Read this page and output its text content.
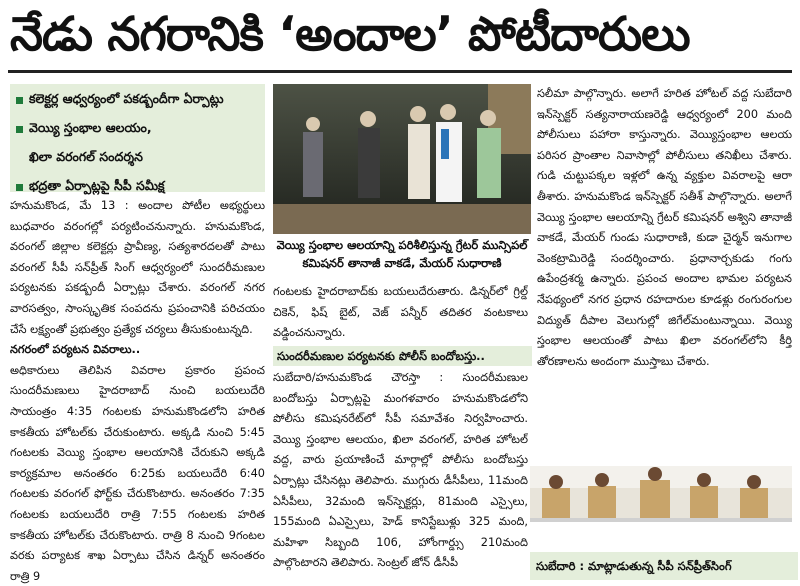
నేడు నగరానికి ‘అందాల’ పోటీదారులు
కలెక్టర్ల ఆధ్వర్యంలో పకడ్బందీగా ఏర్పాట్లు
వెయ్యి స్తంభాల ఆలయం,
ఖిలా వరంగల్ సందర్శన
భద్రతా ఏర్పాట్లపై సీపీ సమీక్ష

హనుమకొండ, మే 13 : అందాల పోటీల అభ్యర్థులు బుధవారం వరంగల్లో పర్యటించనున్నారు. హనుమకొండ, వరంగల్ జిల్లాల కలెక్టర్లు ప్రావీణ్య, సత్యశారదలతో పాటు వరంగల్ సీపీ సన్‌ప్రీత్ సింగ్ ఆధ్వర్యంలో సుందరీమణుల పర్యటనకు పకడ్బందీ ఏర్పాట్లు చేశారు. వరంగల్ నగర వారసత్వం, సాంస్కృతిక సంపదను ప్రపంచానికి పరిచయం చేసే లక్ష్యంతో ప్రభుత్వం ప్రత్యేక చర్యలు తీసుకుంటున్నది.

నగరంలో పర్యటన వివరాలు..

అధికారులు తెలిపిన వివరాల ప్రకారం ప్రపంచ సుందరీమణులు హైదరాబాద్ నుంచి బయలుదేరి సాయంత్రం 4:35 గంటలకు హనుమకొండలోని హరిత కాకతీయ హోటల్‌కు చేరుకుంటారు. అక్కడి నుంచి 5:45 గంటలకు వెయ్యి స్తంభాల ఆలయానికి చేరుకుని అక్కడి కార్యక్రమాల అనంతరం 6:25కు బయలుదేరి 6:40 గంటలకు వరంగల్ ఫోర్ట్‌కు చేరుకొంటారు. అనంతరం 7:35 గంటలకు బయలుదేరి రాత్రి 7:55 గంటలకు హరిత కాకతీయ హోటల్‌కు చేరుకొంటారు. రాత్రి 8 నుంచి 9గంటల వరకు పర్యాటక శాఖ ఏర్పాటు చేసిన డిన్నర్ అనంతరం రాత్రి 9

వెయ్యి స్తంభాల ఆలయాన్ని పరిశీలిస్తున్న గ్రేటర్ మున్సిపల్ కమిషనర్ తానాజీ వాకడే, మేయర్ సుధారాణి

గంటలకు హైదరాబాద్‌కు బయలుదేరుతారు. డిన్నర్‌లో గ్రిల్డ్ చికెన్, ఫిష్ బైట్, వెజ్ పన్నీర్ తదితర వంటకాలు వడ్డించనున్నారు.

సుందరీమణుల పర్యటనకు పోలీస్ బందోబస్తు..

సుబేదారి/హనుమకొండ చౌరస్తా : సుందరీమణుల బందోబస్తు ఏర్పాట్లపై మంగళవారం హనుమకొండలోని పోలీసు కమిషనరేట్‌లో సీపీ సమావేశం నిర్వహించారు. వెయ్యి స్తంభాల ఆలయం, ఖిలా వరంగల్, హరిత హోటల్ వద్ద, వారు ప్రయాణించే మార్గాల్లో పోలీసు బందోబస్తు ఏర్పాట్లు చేసినట్లు తెలిపారు. ముగ్గురు డీసీపీలు, 11మంది ఏసీపీలు, 32మంది ఇన్‌స్పెక్టర్లు, 81మంది ఎస్సైలు, 155మంది ఏఎస్సైలు, హెడ్ కానిస్టేబుళ్లు 325 మంది, మహిళా సిబ్బంది 106, హోంగార్డ్సు 210మంది పాల్గొంటారని తెలిపారు. సెంట్రల్ జోన్ డీసీపీ

సలీమా పాల్గొన్నారు. అలాగే హరిత హోటల్ వద్ద సుబేదారి ఇన్‌స్పెక్టర్ సత్యనారాయణరెడ్డి ఆధ్వర్యంలో 200 మంది పోలీసులు పహారా కాస్తున్నారు. వెయ్యిస్తంభాల ఆలయ పరిసర ప్రాంతాల నివాసాల్లో పోలీసులు తనిఖీలు చేశారు. గుడి చుట్టుపక్కల ఇళ్లలో ఉన్న వ్యక్తుల వివరాలపై ఆరా తీశారు. హనుమకొండ ఇన్‌స్పెక్టర్ సతీశ్ పాల్గొన్నారు. అలాగే వెయ్యి స్తంభాల ఆలయాన్ని గ్రేటర్ కమిషనర్ అశ్విని తానాజీ వాకడే, మేయర్ గుండు సుధారాణి, కుడా చైర్మన్ ఇనుగాల వెంకట్రామిరెడ్డి సందర్శించారు. ప్రధానార్చకుడు గంగు ఉపేంద్రశర్మ ఉన్నారు. ప్రపంచ అందాల భామల పర్యటన నేపథ్యంలో నగర ప్రధాన రహదారుల కూడళ్లు రంగురంగుల విద్యుత్ దీపాల వెలుగుల్లో జిగేల్‌మంటున్నాయి. వెయ్యి స్తంభాల ఆలయంతో పాటు ఖిలా వరంగల్‌లోని కీర్తి తోరణాలను అందంగా ముస్తాబు చేశారు.

సుబేదారి : మాట్లాడుతున్న సీపీ సన్‌ప్రీత్‌సింగ్
